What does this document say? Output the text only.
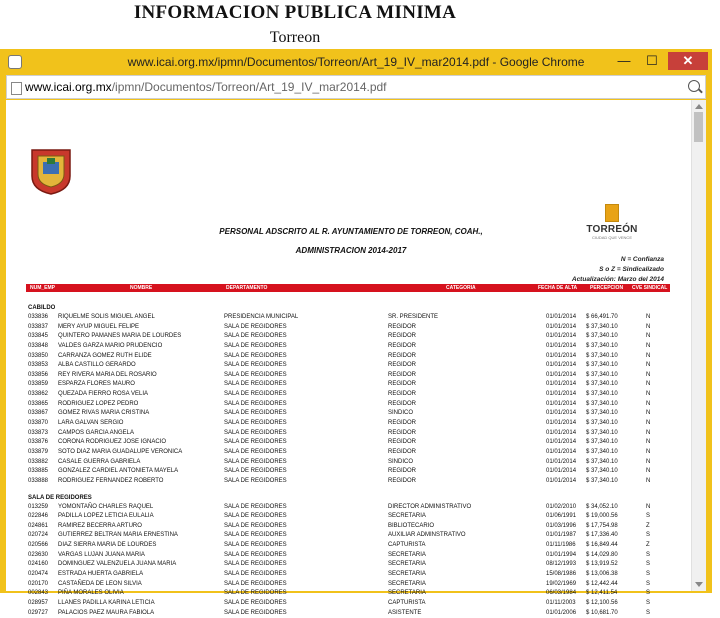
INFORMACION PUBLICA MINIMA
Torreon
www.icai.org.mx/ipmn/Documentos/Torreon/Art_19_IV_mar2014.pdf - Google Chrome	—	☐	✕
www.icai.org.mx/ipmn/Documentos/Torreon/Art_19_IV_mar2014.pdf
PERSONAL ADSCRITO AL R. AYUNTAMIENTO DE TORREON, COAH.,
ADMINISTRACION 2014-2017
TORREÓN
CIUDAD QUE VENCE
N = Confianza
S o Z = Sindicalizado
Actualización: Marzo del 2014
NUM_EMP	NOMBRE	DEPARTAMENTO	CATEGORIA	FECHA DE ALTA	PERCEPCION CVE SINDICAL
CABILDO
033836 RIQUELME SOLIS MIGUEL ANGEL	PRESIDENCIA MUNICIPAL	SR. PRESIDENTE	01/01/2014 $ 66,491.70	N
033837 MERY AYUP MIGUEL FELIPE	SALA DE REGIDORES	REGIDOR	01/01/2014 $ 37,340.10	N
033845 QUINTERO PAMANES MARIA DE LOURDES	SALA DE REGIDORES	REGIDOR	01/01/2014 $ 37,340.10	N
033848 VALDES GARZA MARIO PRUDENCIO	SALA DE REGIDORES	REGIDOR	01/01/2014 $ 37,340.10	N
033850 CARRANZA GOMEZ RUTH ELIDE	SALA DE REGIDORES	REGIDOR	01/01/2014 $ 37,340.10	N
033853 ALBA CASTILLO GERARDO	SALA DE REGIDORES	REGIDOR	01/01/2014 $ 37,340.10	N
033856 REY RIVERA MARIA DEL ROSARIO	SALA DE REGIDORES	REGIDOR	01/01/2014 $ 37,340.10	N
033859 ESPARZA FLORES MAURO	SALA DE REGIDORES	REGIDOR	01/01/2014 $ 37,340.10	N
033862 QUEZADA FIERRO ROSA VELIA	SALA DE REGIDORES	REGIDOR	01/01/2014 $ 37,340.10	N
033865 RODRIGUEZ LOPEZ PEDRO	SALA DE REGIDORES	REGIDOR	01/01/2014 $ 37,340.10	N
033867 GOMEZ RIVAS MARIA CRISTINA	SALA DE REGIDORES	SINDICO	01/01/2014 $ 37,340.10	N
033870 LARA GALVAN SERGIO	SALA DE REGIDORES	REGIDOR	01/01/2014 $ 37,340.10	N
033873 CAMPOS GARCIA ANGELA	SALA DE REGIDORES	REGIDOR	01/01/2014 $ 37,340.10	N
033876 CORONA RODRIGUEZ JOSE IGNACIO	SALA DE REGIDORES	REGIDOR	01/01/2014 $ 37,340.10	N
033879 SOTO DIAZ MARIA GUADALUPE VERONICA	SALA DE REGIDORES	REGIDOR	01/01/2014 $ 37,340.10	N
033882 CASALE GUERRA GABRIELA	SALA DE REGIDORES	SINDICO	01/01/2014 $ 37,340.10	N
033885 GONZALEZ CARDIEL ANTONIETA MAYELA	SALA DE REGIDORES	REGIDOR	01/01/2014 $ 37,340.10	N
033888 RODRIGUEZ FERNANDEZ ROBERTO	SALA DE REGIDORES	REGIDOR	01/01/2014 $ 37,340.10	N
SALA DE REGIDORES
013259 YOMONTAÑO CHARLES RAQUEL	SALA DE REGIDORES	DIRECTOR ADMINISTRATIVO	01/02/2010 $ 34,052.10	N
022846 PADILLA LOPEZ LETICIA EULALIA	SALA DE REGIDORES	SECRETARIA	01/06/1991 $ 19,000.56	S
024861 RAMIREZ BECERRA ARTURO	SALA DE REGIDORES	BIBLIOTECARIO	01/03/1996 $ 17,754.98	Z
020724 GUTIERREZ BELTRAN MARIA ERNESTINA	SALA DE REGIDORES	AUXILIAR ADMINSTRATIVO	01/01/1987 $ 17,336.40	S
020566 DIAZ SIERRA MARIA DE LOURDES	SALA DE REGIDORES	CAPTURISTA	01/11/1986 $ 16,849.44	Z
023630 VARGAS LUJAN JUANA MARIA	SALA DE REGIDORES	SECRETARIA	01/01/1994 $ 14,029.80	S
024160 DOMINGUEZ VALENZUELA JUANA MARIA	SALA DE REGIDORES	SECRETARIA	08/12/1993 $ 13,919.52	S
020474 ESTRADA HUERTA GABRIELA	SALA DE REGIDORES	SECRETARIA	15/08/1986 $ 13,006.38	S
020170 CASTAÑEDA DE LEON SILVIA	SALA DE REGIDORES	SECRETARIA	19/02/1969 $ 12,442.44	S
002843 PIÑA MORALES OLIVIA	SALA DE REGIDORES	SECRETARIA	06/03/1984 $ 12,411.54	S
028957 LLANES PADILLA KARINA LETICIA	SALA DE REGIDORES	CAPTURISTA	01/11/2003 $ 12,100.56	S
029727 PALACIOS PAEZ MAURA FABIOLA	SALA DE REGIDORES	ASISTENTE	01/01/2006 $ 10,681.70	S
